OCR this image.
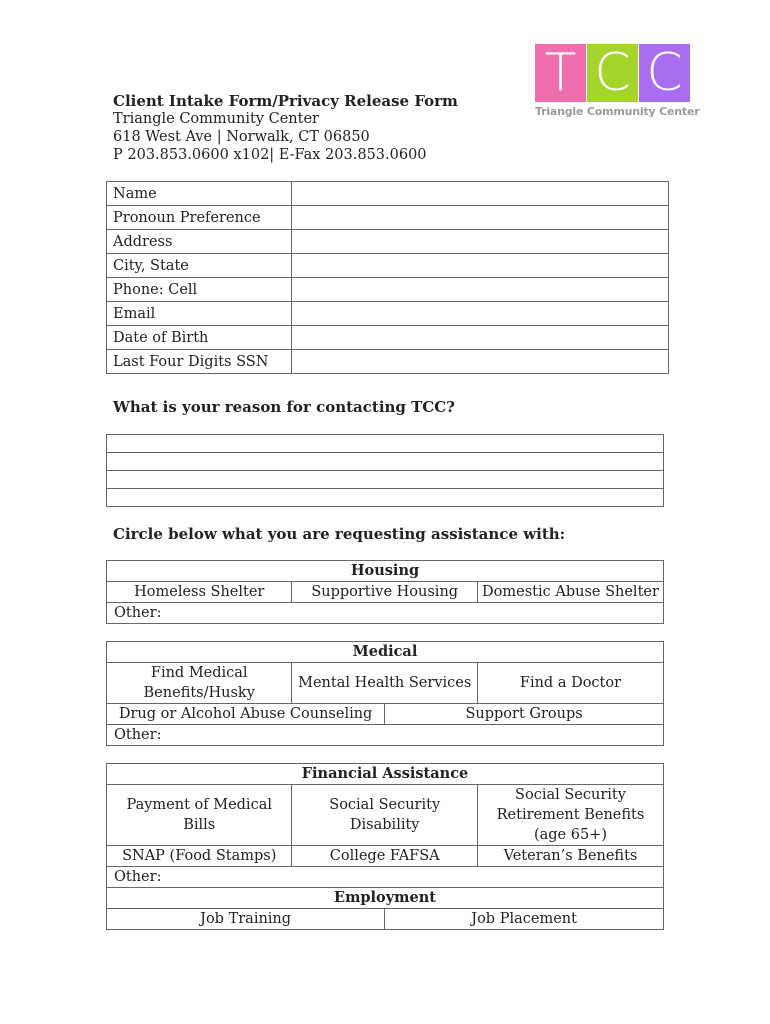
Client Intake Form/Privacy Release Form
Triangle Community Center
618 West Ave | Norwalk, CT 06850
P 203.853.0600 x102| E-Fax 203.853.0600
T C C
Triangle Community Center
Name	
Pronoun Preference	
Address	
City, State	
Phone: Cell	
Email	
Date of Birth	
Last Four Digits SSN	
What is your reason for contacting TCC?

Circle below what you are requesting assistance with:
Housing
Homeless Shelter	Supportive Housing	Domestic Abuse Shelter
Other:
Medical			
Find Medical Benefits/Husky	Mental Health Services		Find a Doctor
Drug or Alcohol Abuse Counseling		Support Groups	
Other:			
Financial Assistance			
Payment of Medical Bills	Social Security Disability		Social Security Retirement Benefits (age 65+)
SNAP (Food Stamps)	College FAFSA		Veteran’s Benefits
Other:			
Employment			
Job Training		Job Placement	
